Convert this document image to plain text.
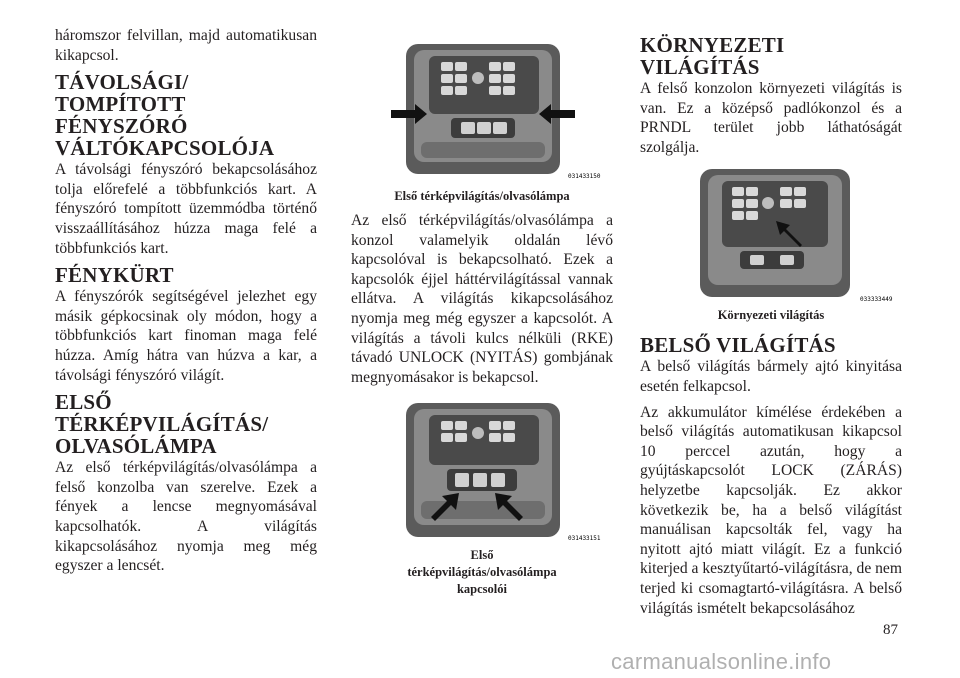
háromszor felvillan, majd automatikusan kikapcsol.

TÁVOLSÁGI/ TOMPÍTOTT FÉNYSZÓRÓ VÁLTÓKAPCSOLÓJA

A távolsági fényszóró bekapcsolásához tolja előrefelé a többfunkciós kart. A fényszóró tompított üzemmódba történő visszaállításához húzza maga felé a többfunkciós kart.

FÉNYKÜRT

A fényszórók segítségével jelezhet egy másik gépkocsinak oly módon, hogy a többfunkciós kart finoman maga felé húzza. Amíg hátra van húzva a kar, a távolsági fényszóró világít.

ELSŐ TÉRKÉPVILÁGÍTÁS/ OLVASÓLÁMPA

Az első térképvilágítás/olvasólámpa a felső konzolba van szerelve. Ezek a fények a lencse megnyomásával kapcsolhatók. A világítás kikapcsolásához nyomja meg még egyszer a lencsét.

031433150
Első térképvilágítás/olvasólámpa

Az első térképvilágítás/olvasólámpa a konzol valamelyik oldalán lévő kapcsolóval is bekapcsolható. Ezek a kapcsolók éjjel háttérvilágítással vannak ellátva. A világítás kikapcsolásához nyomja meg még egyszer a kapcsolót. A világítás a távoli kulcs nélküli (RKE) távadó UNLOCK (NYITÁS) gombjának megnyomásakor is bekapcsol.

031433151
Első térképvilágítás/olvasólámpa kapcsolói
KÖRNYEZETI VILÁGÍTÁS

A felső konzolon környezeti világítás is van. Ez a középső padlókonzol és a PRNDL terület jobb láthatóságát szolgálja.

033333449
Környezeti világítás
BELSŐ VILÁGÍTÁS

A belső világítás bármely ajtó kinyitása esetén felkapcsol.

Az akkumulátor kímélése érdekében a belső világítás automatikusan kikapcsol 10 perccel azután, hogy a gyújtáskapcsolót LOCK (ZÁRÁS) helyzetbe kapcsolják. Ez akkor következik be, ha a belső világítást manuálisan kapcsolták fel, vagy ha nyitott ajtó miatt világít. Ez a funkció kiterjed a kesztyűtartó-világításra, de nem terjed ki csomagtartó-világításra. A belső világítás ismételt bekapcsolásához

87
carmanualsonline.info
